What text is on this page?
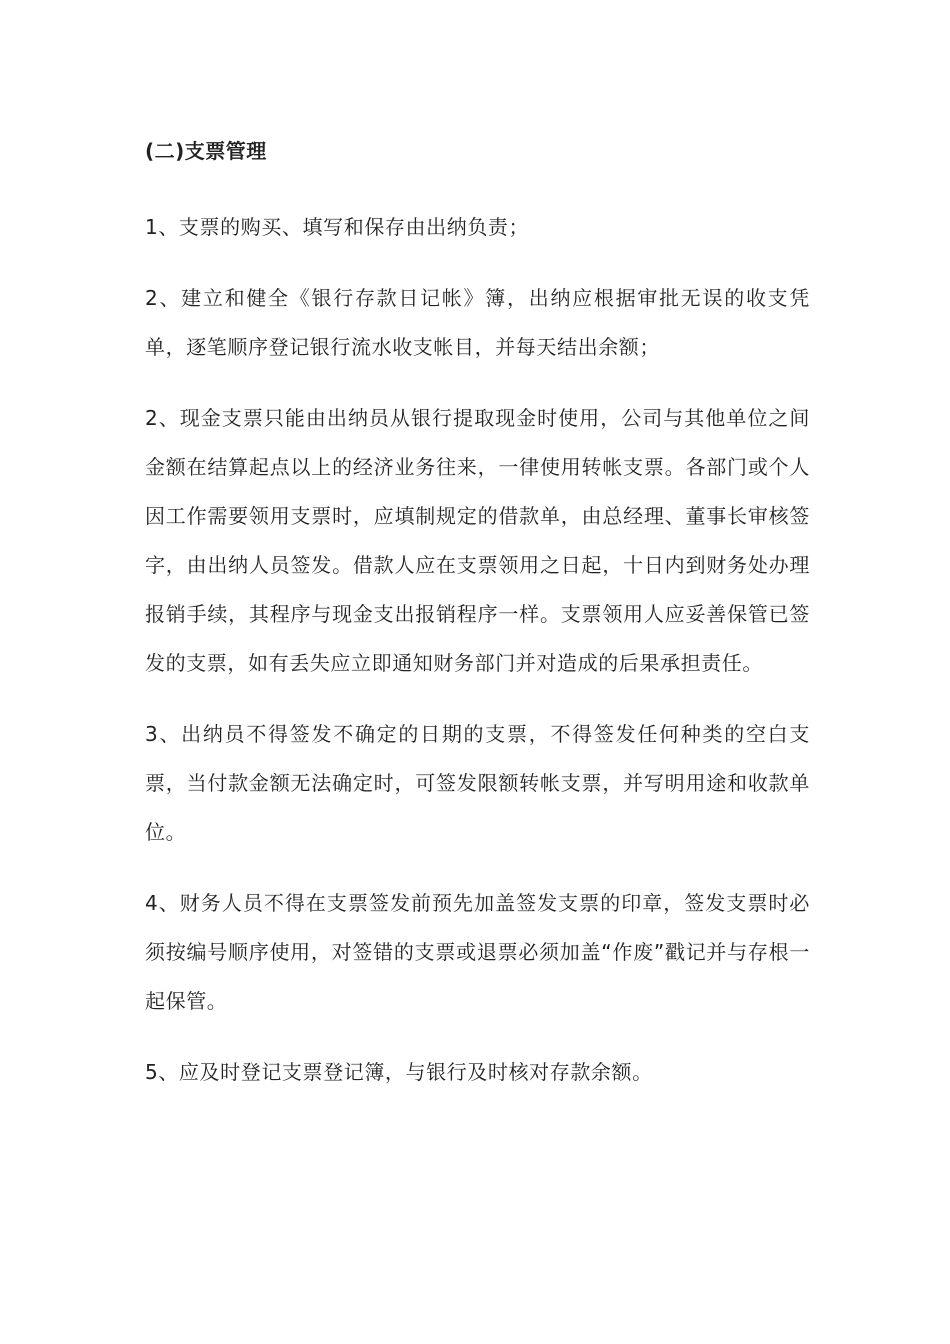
(二)支票管理

1、支票的购买、填写和保存由出纳负责；

2、建立和健全《银行存款日记帐》簿，出纳应根据审批无误的收支凭单，逐笔顺序登记银行流水收支帐目，并每天结出余额；

2、现金支票只能由出纳员从银行提取现金时使用，公司与其他单位之间金额在结算起点以上的经济业务往来，一律使用转帐支票。各部门或个人因工作需要领用支票时，应填制规定的借款单，由总经理、董事长审核签字，由出纳人员签发。借款人应在支票领用之日起，十日内到财务处办理报销手续，其程序与现金支出报销程序一样。支票领用人应妥善保管已签发的支票，如有丢失应立即通知财务部门并对造成的后果承担责任。

3、出纳员不得签发不确定的日期的支票，不得签发任何种类的空白支票，当付款金额无法确定时，可签发限额转帐支票，并写明用途和收款单位。

4、财务人员不得在支票签发前预先加盖签发支票的印章，签发支票时必须按编号顺序使用，对签错的支票或退票必须加盖“作废”戳记并与存根一起保管。

5、应及时登记支票登记簿，与银行及时核对存款余额。
